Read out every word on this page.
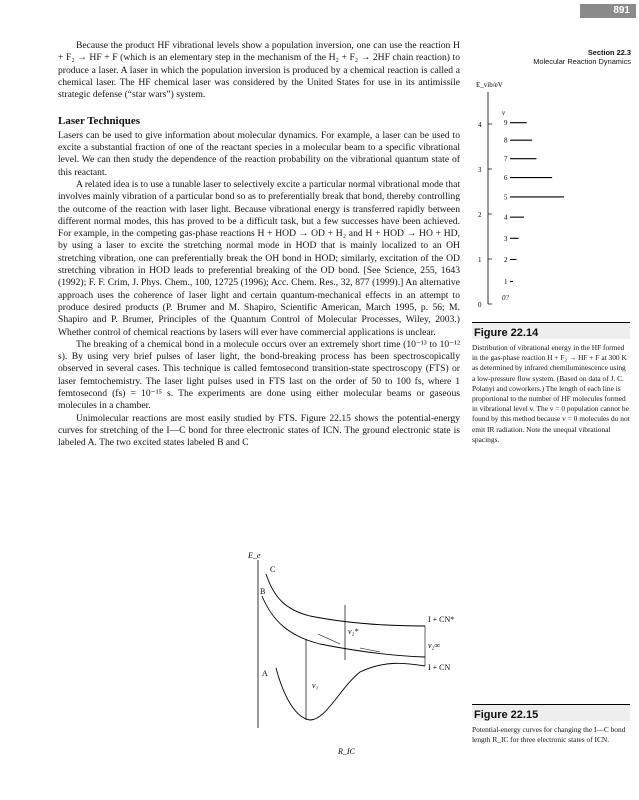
891
Section 22.3
Molecular Reaction Dynamics

Because the product HF vibrational levels show a population inversion, one can use the reaction H + F₂ → HF + F (which is an elementary step in the mechanism of the H₂ + F₂ → 2HF chain reaction) to produce a laser. A laser in which the population inversion is produced by a chemical reaction is called a chemical laser. The HF chemical laser was considered by the United States for use in its antimissile strategic defense (“star wars”) system.

Laser Techniques

Lasers can be used to give information about molecular dynamics. For example, a laser can be used to excite a substantial fraction of one of the reactant species in a molecular beam to a specific vibrational level. We can then study the dependence of the reaction probability on the vibrational quantum state of this reactant.

A related idea is to use a tunable laser to selectively excite a particular normal vibrational mode that involves mainly vibration of a particular bond so as to preferentially break that bond, thereby controlling the outcome of the reaction with laser light. Because vibrational energy is transferred rapidly between different normal modes, this has proved to be a difficult task, but a few successes have been achieved. For example, in the competing gas-phase reactions H + HOD → OD + H₂ and H + HOD → HO + HD, by using a laser to excite the stretching normal mode in HOD that is mainly localized to an OH stretching vibration, one can preferentially break the OH bond in HOD; similarly, excitation of the OD stretching vibration in HOD leads to preferential breaking of the OD bond. [See Science, 255, 1643 (1992); F. F. Crim, J. Phys. Chem., 100, 12725 (1996); Acc. Chem. Res., 32, 877 (1999).] An alternative approach uses the coherence of laser light and certain quantum-mechanical effects in an attempt to produce desired products (P. Brumer and M. Shapiro, Scientific American, March 1995, p. 56; M. Shapiro and P. Brumer, Principles of the Quantum Control of Molecular Processes, Wiley, 2003.) Whether control of chemical reactions by lasers will ever have commercial applications is unclear.

The breaking of a chemical bond in a molecule occurs over an extremely short time (10⁻¹³ to 10⁻¹² s). By using very brief pulses of laser light, the bond-breaking process has been spectroscopically observed in several cases. This technique is called femtosecond transition-state spectroscopy (FTS) or laser femtochemistry. The laser light pulses used in FTS last on the order of 50 to 100 fs, where 1 femtosecond (fs) = 10⁻¹⁵ s. The experiments are done using either molecular beams or gaseous molecules in a chamber.

Unimolecular reactions are most easily studied by FTS. Figure 22.15 shows the potential-energy curves for stretching of the I—C bond for three electronic states of ICN. The ground electronic state is labeled A. The two excited states labeled B and C

E_vib/eV
0
1
2
3
4
1
2
3
4
5
6
7
8
9
v
0?
Figure 22.14
Distribution of vibrational energy in the HF formed in the gas-phase reaction H + F₂ → HF + F at 300 K as determined by infrared chemiluminescence using a low-pressure flow system. (Based on data of J. C. Polanyi and coworkers.) The length of each line is proportional to the number of HF molecules formed in vibrational level v. The v = 0 population cannot be found by this method because v = 0 molecules do not emit IR radiation. Note the unequal vibrational spacings.
E_e
C
B
A
ν₁
ν₂*
ν₂∞
I + CN*
I + CN
R_IC
Figure 22.15
Potential-energy curves for changing the I—C bond length R_IC for three electronic states of ICN.
